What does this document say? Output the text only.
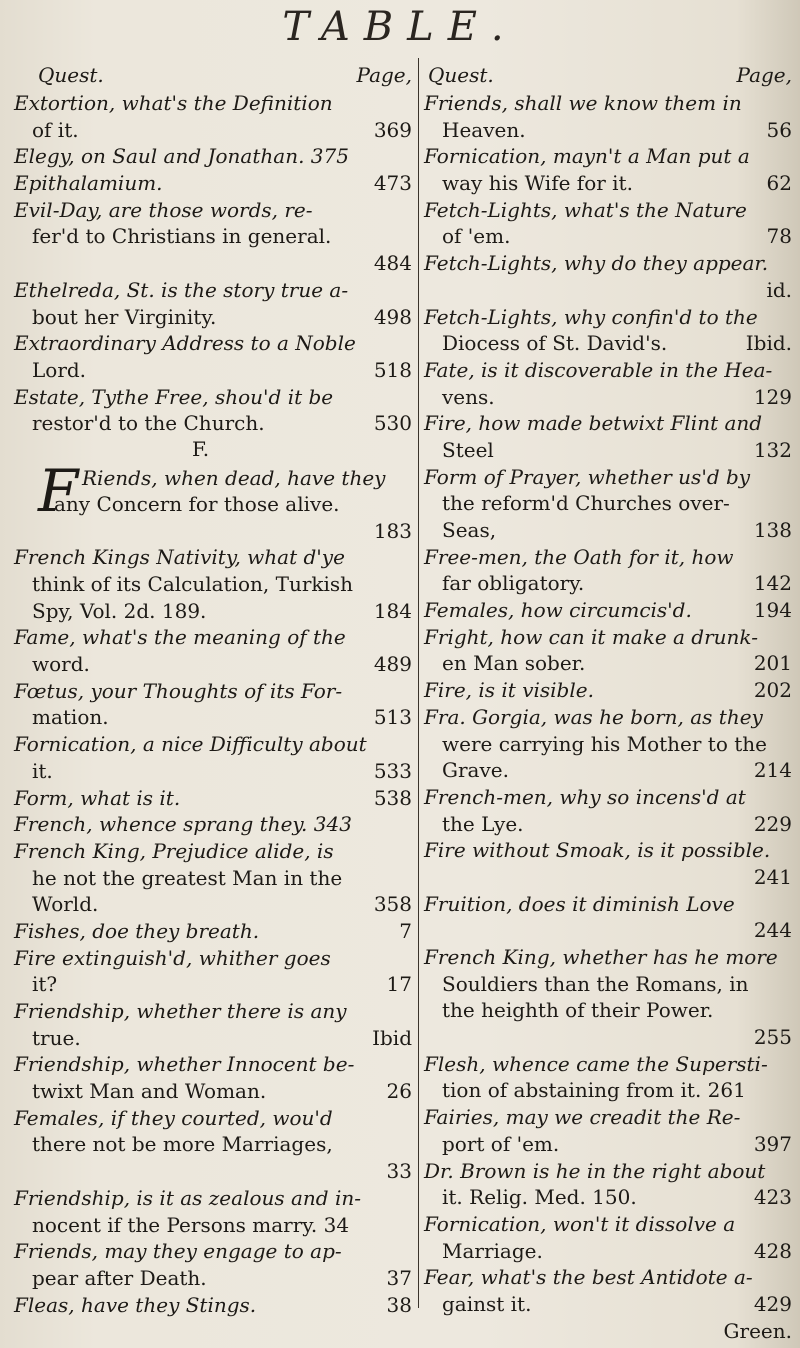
TABLE.
Quest.	Page,
Extortion, what's the Definition
of it.	369
Elegy, on Saul and Jonathan. 375
Epithalamium.	473
Evil-Day, are those words, re-
fer'd to Christians in general.
484
Ethelreda, St. is the story true a-
bout her Virginity.	498
Extraordinary Address to a Noble
Lord.	518
Estate, Tythe Free, shou'd it be
restor'd to the Church.	530
F.
F Riends, when dead, have they
any Concern for those alive.
183
French Kings Nativity, what d'ye
think of its Calculation, Turkish
Spy, Vol. 2d. 189.	184
Fame, what's the meaning of the
word.	489
Fœtus, your Thoughts of its For-
mation.	513
Fornication, a nice Difficulty about
it.	533
Form, what is it.	538
French, whence sprang they. 343
French King, Prejudice alide, is
he not the greatest Man in the
World.	358
Fishes, doe they breath.	7
Fire extinguish'd, whither goes
it?	17
Friendship, whether there is any
true.	Ibid
Friendship, whether Innocent be-
twixt Man and Woman.	26
Females, if they courted, wou'd
there not be more Marriages,
33
Friendship, is it as zealous and in-
nocent if the Persons marry. 34
Friends, may they engage to ap-
pear after Death.	37
Fleas, have they Stings.	38
Quest.	Page,
Friends, shall we know them in
Heaven.	56
Fornication, mayn't a Man put a
way his Wife for it.	62
Fetch-Lights, what's the Nature
of 'em.	78
Fetch-Lights, why do they appear.
id.
Fetch-Lights, why confin'd to the
Diocess of St. David's.	Ibid.
Fate, is it discoverable in the Hea-
vens.	129
Fire, how made betwixt Flint and
Steel	132
Form of Prayer, whether us'd by
the reform'd Churches over-
Seas,	138
Free-men, the Oath for it, how
far obligatory.	142
Females, how circumcis'd.	194
Fright, how can it make a drunk-
en Man sober.	201
Fire, is it visible.	202
Fra. Gorgia, was he born, as they
were carrying his Mother to the
Grave.	214
French-men, why so incens'd at
the Lye.	229
Fire without Smoak, is it possible.
241
Fruition, does it diminish Love
244
French King, whether has he more
Souldiers than the Romans, in
the heighth of their Power.
255
Flesh, whence came the Supersti-
tion of abstaining from it. 261
Fairies, may we creadit the Re-
port of 'em.	397
Dr. Brown is he in the right about
it. Relig. Med. 150.	423
Fornication, won't it dissolve a
Marriage.	428
Fear, what's the best Antidote a-
gainst it.	429
Green.
